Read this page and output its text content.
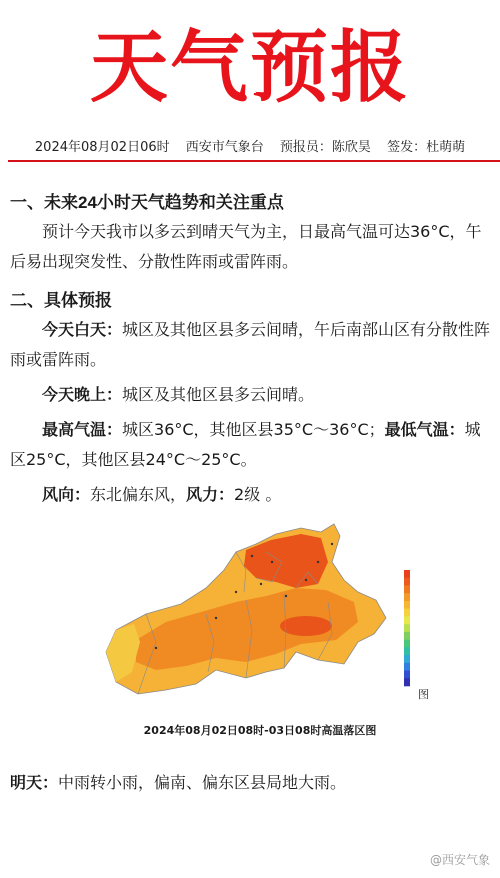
天气预报
2024年08月02日06时 西安市气象台 预报员：陈欣昊 签发：杜萌萌
一、未来24小时天气趋势和关注重点
预计今天我市以多云到晴天气为主，日最高气温可达36°C，午后易出现突发性、分散性阵雨或雷阵雨。
二、具体预报
今天白天：城区及其他区县多云间晴，午后南部山区有分散性阵雨或雷阵雨。
今天晚上：城区及其他区县多云间晴。
最高气温：城区36°C，其他区县35°C～36°C；最低气温：城区25°C，其他区县24°C～25°C。
风向：东北偏东风，风力：2级 。
图
2024年08月02日08时-03日08时高温落区图
明天：中雨转小雨，偏南、偏东区县局地大雨。
@西安气象
